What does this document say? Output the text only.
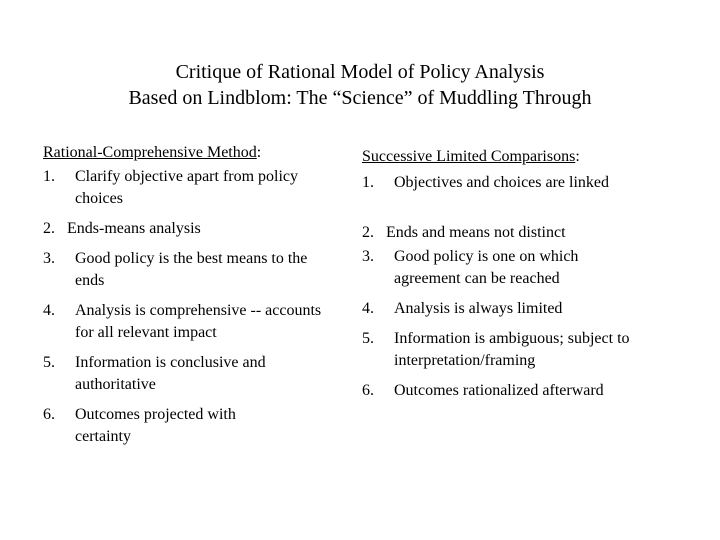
Critique of Rational Model of Policy Analysis
Based on Lindblom: The “Science” of Muddling Through
Rational-Comprehensive Method:
1. Clarify objective apart from policy choices
2. Ends-means analysis
3. Good policy is the best means to the ends
4. Analysis is comprehensive -- accounts for all relevant impact
5. Information is conclusive and authoritative
6. Outcomes projected with certainty
Successive Limited Comparisons:
1. Objectives and choices are linked
2. Ends and means not distinct
3. Good policy is one on which agreement can be reached
4. Analysis is always limited
5. Information is ambiguous; subject to interpretation/framing
6. Outcomes rationalized afterward
